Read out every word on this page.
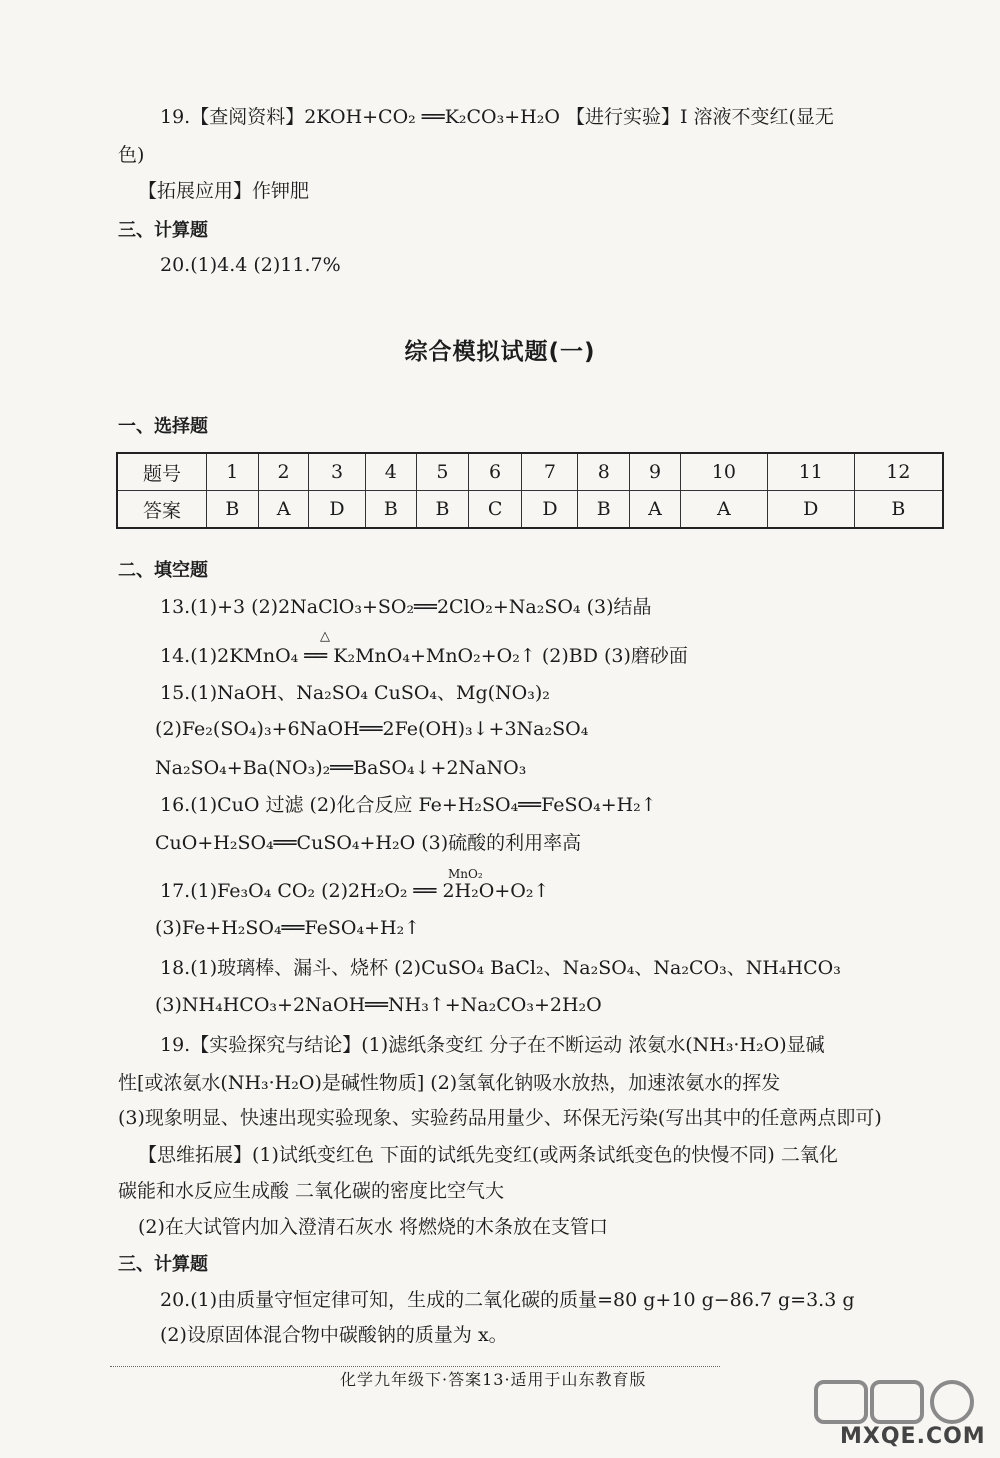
19.【查阅资料】2KOH+CO₂ ══K₂CO₃+H₂O 【进行实验】Ⅰ 溶液不变红(显无
色)
【拓展应用】作钾肥
三、计算题
20.(1)4.4 (2)11.7%
综合模拟试题(一)
一、选择题
题号	1	2	3	4	5	6	7	8	9	10	11	12
答案	B	A	D	B	B	C	D	B	A	A	D	B
二、填空题
13.(1)+3 (2)2NaClO₃+SO₂══2ClO₂+Na₂SO₄ (3)结晶
14.(1)2KMnO₄ ══ K₂MnO₄+MnO₂+O₂↑ (2)BD (3)磨砂面
△
15.(1)NaOH、Na₂SO₄ CuSO₄、Mg(NO₃)₂
(2)Fe₂(SO₄)₃+6NaOH══2Fe(OH)₃↓+3Na₂SO₄
Na₂SO₄+Ba(NO₃)₂══BaSO₄↓+2NaNO₃
16.(1)CuO 过滤 (2)化合反应 Fe+H₂SO₄══FeSO₄+H₂↑
CuO+H₂SO₄══CuSO₄+H₂O (3)硫酸的利用率高
17.(1)Fe₃O₄ CO₂ (2)2H₂O₂ ══ 2H₂O+O₂↑
MnO₂
(3)Fe+H₂SO₄══FeSO₄+H₂↑
18.(1)玻璃棒、漏斗、烧杯 (2)CuSO₄ BaCl₂、Na₂SO₄、Na₂CO₃、NH₄HCO₃
(3)NH₄HCO₃+2NaOH══NH₃↑+Na₂CO₃+2H₂O
19.【实验探究与结论】(1)滤纸条变红 分子在不断运动 浓氨水(NH₃·H₂O)显碱
性[或浓氨水(NH₃·H₂O)是碱性物质] (2)氢氧化钠吸水放热，加速浓氨水的挥发
(3)现象明显、快速出现实验现象、实验药品用量少、环保无污染(写出其中的任意两点即可)
【思维拓展】(1)试纸变红色 下面的试纸先变红(或两条试纸变色的快慢不同) 二氧化
碳能和水反应生成酸 二氧化碳的密度比空气大
(2)在大试管内加入澄清石灰水 将燃烧的木条放在支管口
三、计算题
20.(1)由质量守恒定律可知，生成的二氧化碳的质量=80 g+10 g−86.7 g=3.3 g
(2)设原固体混合物中碳酸钠的质量为 x。
化学九年级下·答案13·适用于山东教育版
MXQE.COM
